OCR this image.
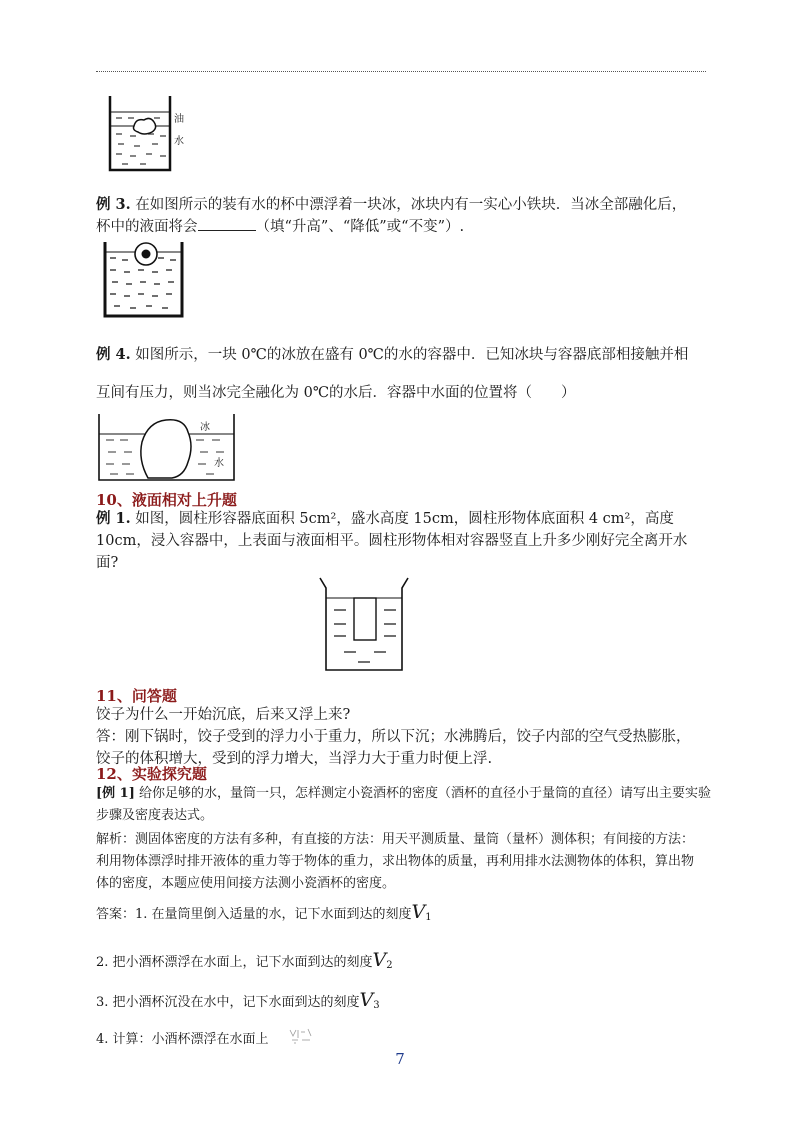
油
水
例 3. 在如图所示的装有水的杯中漂浮着一块冰，冰块内有一实心小铁块．当冰全部融化后，
杯中的液面将会	（填“升高”、“降低”或“不变”）.
例 4. 如图所示，一块 0℃的冰放在盛有 0℃的水的容器中．已知冰块与容器底部相接触并相
互间有压力，则当冰完全融化为 0℃的水后．容器中水面的位置将（　　）
冰
水
10、液面相对上升题
例 1. 如图，圆柱形容器底面积 5cm²，盛水高度 15cm，圆柱形物体底面积 4 cm²，高度
10cm，浸入容器中，上表面与液面相平。圆柱形物体相对容器竖直上升多少刚好完全离开水
面?
11、问答题
饺子为什么一开始沉底，后来又浮上来?
答：刚下锅时，饺子受到的浮力小于重力，所以下沉；水沸腾后，饺子内部的空气受热膨胀，
饺子的体积增大，受到的浮力增大，当浮力大于重力时便上浮.
12、实验探究题
[例 1] 给你足够的水，量筒一只，怎样测定小瓷酒杯的密度（酒杯的直径小于量筒的直径）请写出主要实验
步骤及密度表达式。
解析：测固体密度的方法有多种，有直接的方法：用天平测质量、量筒（量杯）测体积；有间接的方法：
利用物体漂浮时排开液体的重力等于物体的重力，求出物体的质量，再利用排水法测物体的体积，算出物
体的密度，本题应使用间接方法测小瓷酒杯的密度。
答案：1. 在量筒里倒入适量的水，记下水面到达的刻度$V_1$
2. 把小酒杯漂浮在水面上，记下水面到达的刻度$V_2$
3. 把小酒杯沉没在水中，记下水面到达的刻度$V_3$
4. 计算：小酒杯漂浮在水面上
7
